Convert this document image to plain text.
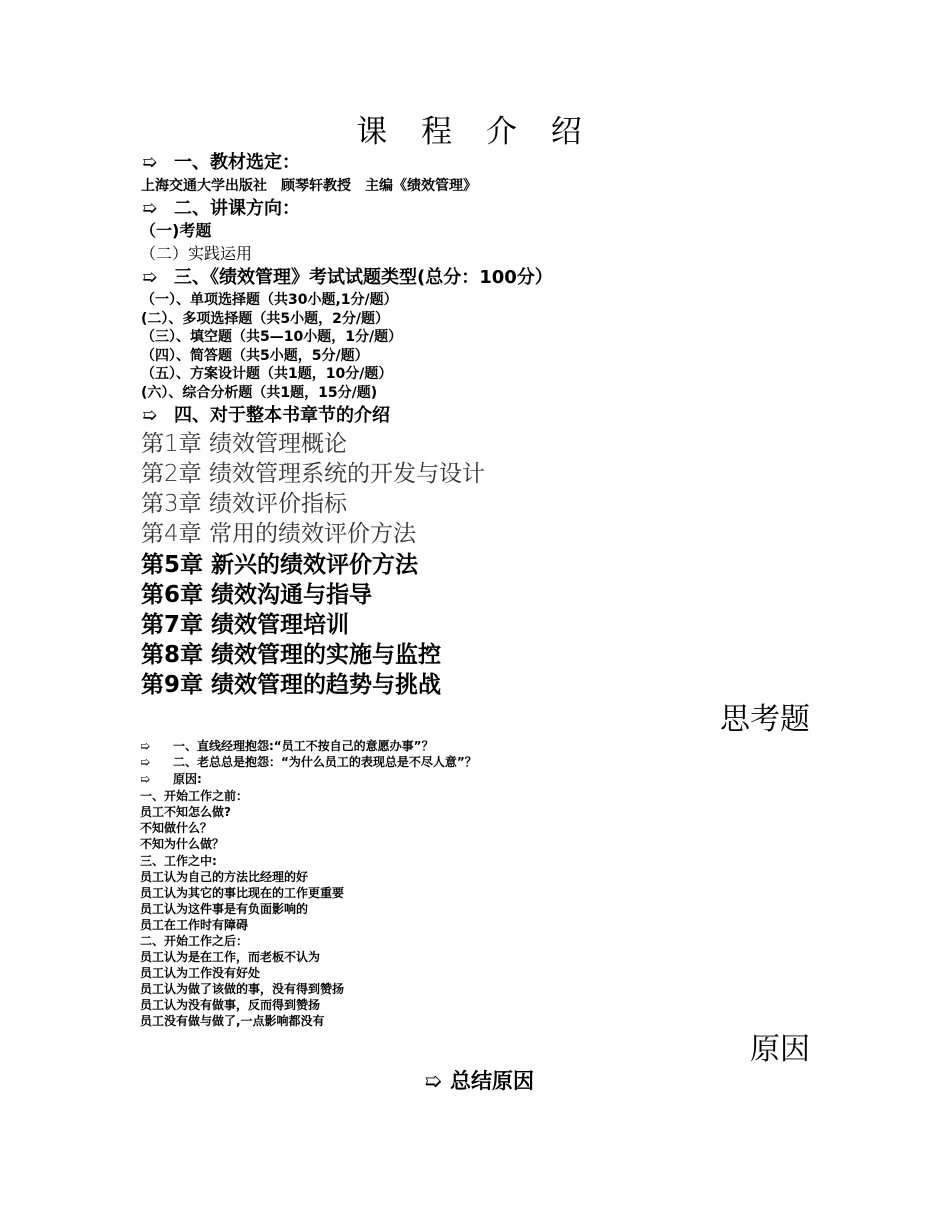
课 程 介 绍
➯ 一、教材选定：
上海交通大学出版社　顾琴轩教授　主编《绩效管理》
➯ 二、讲课方向：
（一)考题
（二）实践运用
➯ 三、《绩效管理》考试试题类型(总分：100分）
（一）、单项选择题（共30小题,1分/题）
(二）、多项选择题（共5小题，2分/题）
（三）、填空题（共5—10小题，1分/题）
（四）、简答题（共5小题，5分/题）
（五）、方案设计题（共1题，10分/题）
(六）、综合分析题（共1题，15分/题)
➯ 四、对于整本书章节的介绍
第1章 绩效管理概论
第2章 绩效管理系统的开发与设计
第3章 绩效评价指标
第4章 常用的绩效评价方法
第5章 新兴的绩效评价方法
第6章 绩效沟通与指导
第7章 绩效管理培训
第8章 绩效管理的实施与监控
第9章 绩效管理的趋势与挑战
思考题
➯ 一、直线经理抱怨:“员工不按自己的意愿办事”？
➯ 二、老总总是抱怨：“为什么员工的表现总是不尽人意”？
➯ 原因:
一、开始工作之前：
员工不知怎么做?
不知做什么？
不知为什么做？
三、工作之中:
员工认为自己的方法比经理的好
员工认为其它的事比现在的工作更重要
员工认为这件事是有负面影响的
员工在工作时有障碍
二、开始工作之后：
员工认为是在工作，而老板不认为
员工认为工作没有好处
员工认为做了该做的事，没有得到赞扬
员工认为没有做事，反而得到赞扬
员工没有做与做了,一点影响都没有
原因
➯ 总结原因
